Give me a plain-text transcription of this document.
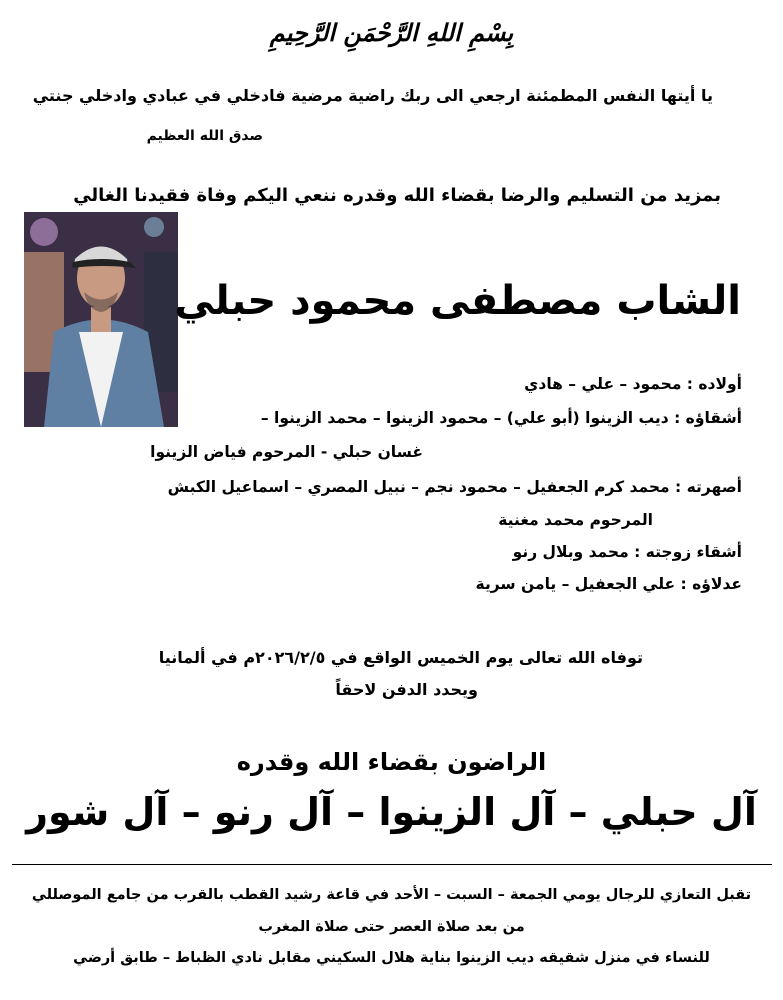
بِسْمِ اللهِ الرَّحْمَنِ الرَّحِيمِ
يا أيتها النفس المطمئنة ارجعي الى ربك راضية مرضية فادخلي في عبادي وادخلي جنتي
صدق الله العظيم
بمزيد من التسليم والرضا بقضاء الله وقدره ننعي اليكم وفاة فقيدنا الغالي
الشاب مصطفى محمود حبلي
أولاده : محمود – علي – هادي
أشقاؤه : ديب الزينوا (أبو علي) – محمود الزينوا – محمد الزينوا –
غسان حبلي - المرحوم فياض الزينوا
أصهرته : محمد كرم الجعفيل – محمود نجم – نبيل المصري – اسماعيل الكبش
المرحوم محمد مغنية
أشقاء زوجته : محمد وبلال رنو
عدلاؤه : علي الجعفيل – يامن سرية
توفاه الله تعالى يوم الخميس الواقع في ٢٠٢٦/٢/٥م في ألمانيا
ويحدد الدفن لاحقاً
الراضون بقضاء الله وقدره
آل حبلي – آل الزينوا – آل رنو – آل شور
تقبل التعازي للرجال يومي الجمعة – السبت – الأحد في قاعة رشيد القطب بالقرب من جامع الموصللي
من بعد صلاة العصر حتى صلاة المغرب
للنساء في منزل شقيقه ديب الزينوا بناية هلال السكيني مقابل نادي الظباط – طابق أرضي
